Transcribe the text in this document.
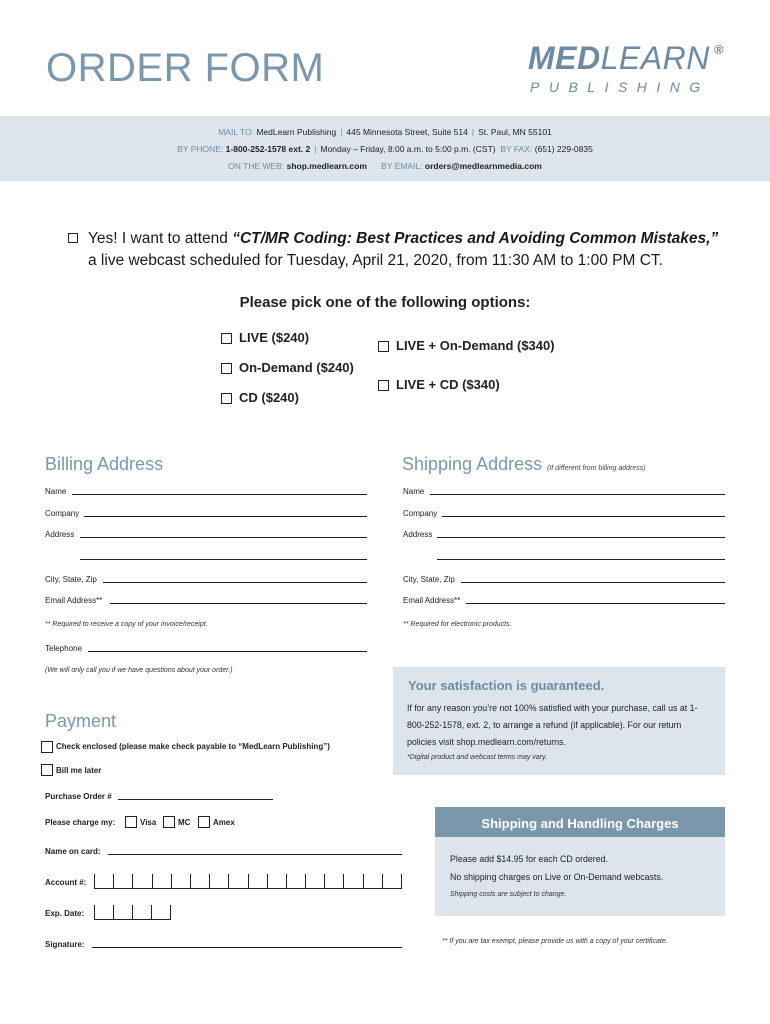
ORDER FORM	MEDLEARN ®
PUBLISHING
MAIL TO: MedLearn Publishing | 445 Minnesota Street, Suite 514 | St. Paul, MN 55101
BY PHONE: 1-800-252-1578 ext. 2 | Monday – Friday, 8:00 a.m. to 5:00 p.m. (CST) BY FAX: (651) 229-0835
ON THE WEB: shop.medlearn.com BY EMAIL: orders@medlearnmedia.com
Yes! I want to attend “CT/MR Coding: Best Practices and Avoiding Common Mistakes,”
a live webcast scheduled for Tuesday, April 21, 2020, from 11:30 AM to 1:00 PM CT.
Please pick one of the following options:
LIVE ($240)
On-Demand ($240)
CD ($240)
LIVE + On-Demand ($340)
LIVE + CD ($340)
Billing Address
Name
Company
Address
City, State, Zip
Email Address**
** Required to receive a copy of your invoice/receipt.
Telephone
(We will only call you if we have questions about your order.)
Shipping Address (If different from billing address)
Name
Company
Address
City, State, Zip
Email Address**
** Required for electronic products.
Your satisfaction is guaranteed.
If for any reason you’re not 100% satisfied with your purchase, call us at 1-800-252-1578, ext. 2, to arrange a refund (if applicable). For our return policies visit shop.medlearn.com/returns.
*Digital product and webcast terms may vary.
Payment
Check enclosed (please make check payable to “MedLearn Publishing”)
Bill me later
Purchase Order #
Please charge my:	Visa	MC	Amex
Name on card:
Account #:
Exp. Date:
Signature:
Shipping and Handling Charges
Please add $14.95 for each CD ordered.
No shipping charges on Live or On-Demand webcasts.
Shipping costs are subject to change.
** If you are tax exempt, please provide us with a copy of your certificate.
